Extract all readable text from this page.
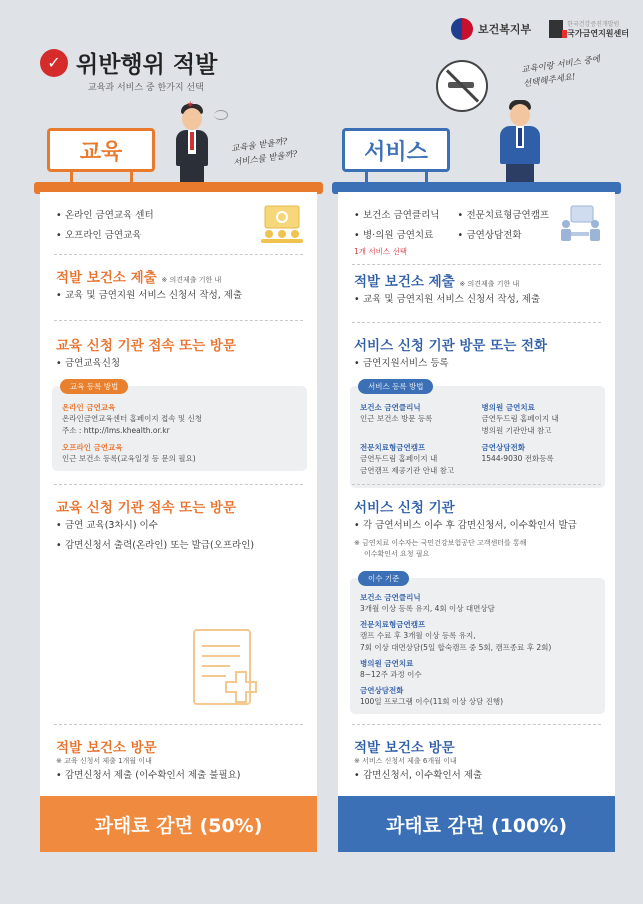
보건복지부	한국건강증진개발원
국가금연지원센터
✓ 위반행위 적발
교육과 서비스 중 한가지 선택
✶
교육을 받을까?
서비스를 받을까?
교육이랑 서비스 중에
선택해주세요!
교육	서비스
• 온라인 금연교육 센터
• 오프라인 금연교육
적발 보건소 제출 ※ 의견제출 기한 내
• 교육 및 금연지원 서비스 신청서 작성, 제출
교육 신청 기관 접속 또는 방문
• 금연교육신청
교육 등록 방법
온라인 금연교육
온라인금연교육센터 홈페이지 접속 및 신청
주소 : http://lms.khealth.or.kr
오프라인 금연교육
인근 보건소 등록(교육일정 등 문의 필요)
교육 신청 기관 접속 또는 방문
• 금연 교육(3차시) 이수
• 감면신청서 출력(온라인) 또는 발급(오프라인)
적발 보건소 방문
※ 교육 신청서 제출 1개월 이내
• 감면신청서 제출 (이수확인서 제출 불필요)
과태료 감면 (50%)
• 보건소 금연클리닉	• 전문치료형금연캠프
• 병·의원 금연치료	• 금연상담전화
1개 서비스 선택
적발 보건소 제출 ※ 의견제출 기한 내
• 교육 및 금연지원 서비스 신청서 작성, 제출
서비스 신청 기관 방문 또는 전화
• 금연지원서비스 등록
서비스 등록 방법
보건소 금연클리닉
인근 보건소 방문 등록
병의원 금연치료
금연두드림 홈페이지 내
병의원 기관안내 참고
전문치료형금연캠프
금연두드림 홈페이지 내
금연캠프 제공기관 안내 참고
금연상담전화
1544-9030 전화등록
서비스 신청 기관
• 각 금연서비스 이수 후 감면신청서, 이수확인서 발급
※ 금연치료 이수자는 국민건강보험공단 고객센터를 통해
이수확인서 요청 필요
이수 기준
보건소 금연클리닉
3개월 이상 등록 유지, 4회 이상 대면상담
전문치료형금연캠프
캠프 수료 후 3개월 이상 등록 유지,
7회 이상 대면상담(5일 합숙캠프 중 5회, 캠프종료 후 2회)
병의원 금연치료
8~12주 과정 이수
금연상담전화
100일 프로그램 이수(11회 이상 상담 진행)
적발 보건소 방문
※ 서비스 신청서 제출 6개월 이내
• 감면신청서, 이수확인서 제출
과태료 감면 (100%)
